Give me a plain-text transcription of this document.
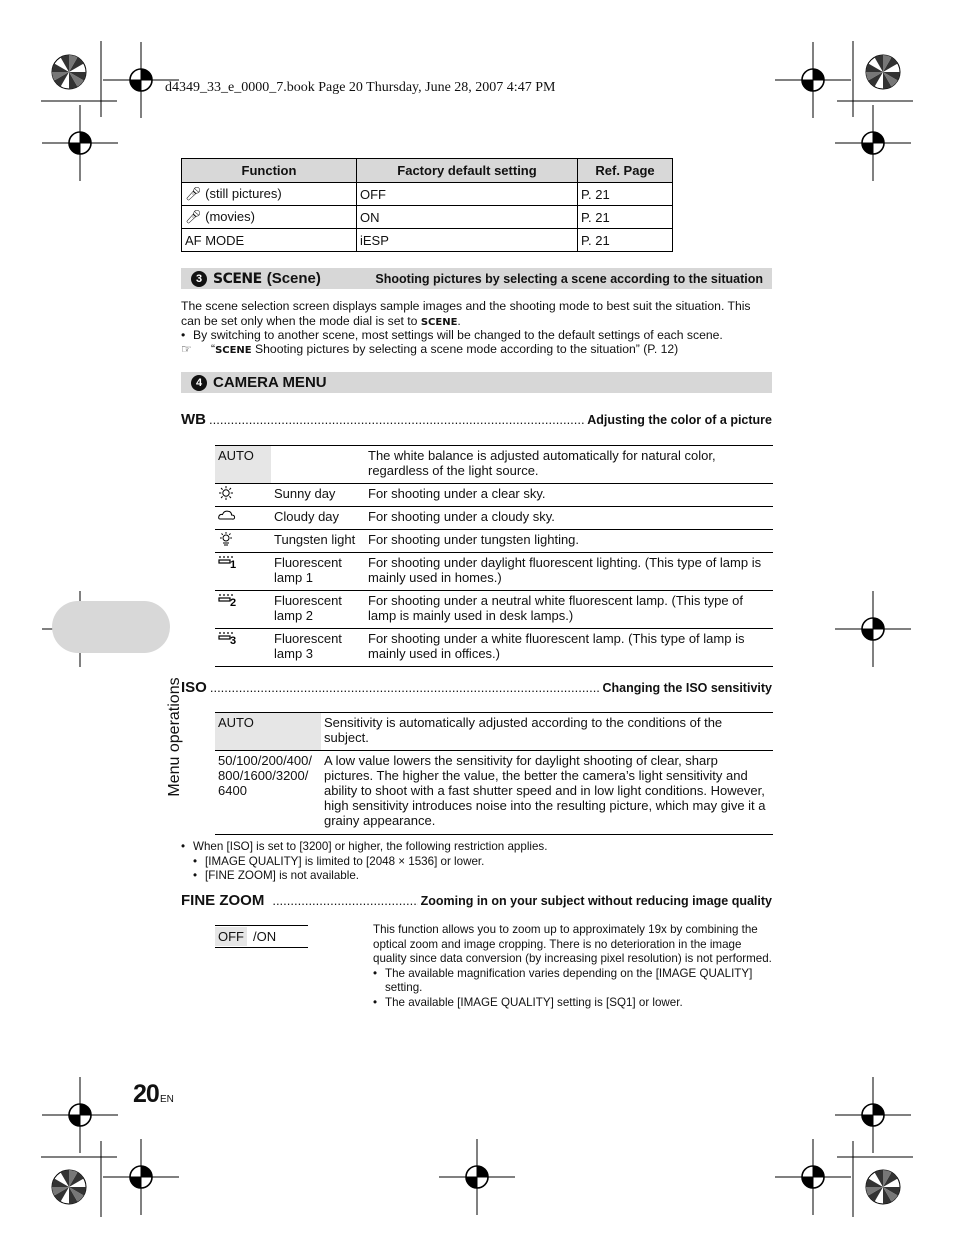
d4349_33_e_0000_7.book Page 20 Thursday, June 28, 2007 4:47 PM
Menu operations
Function	Factory default setting	Ref. Page
🎤︎ (still pictures)	OFF	P. 21
🎤︎ (movies)	ON	P. 21
AF MODE	iESP	P. 21
3 SCENE (Scene)	Shooting pictures by selecting a scene according to the situation
The scene selection screen displays sample images and the shooting mode to best suit the situation. This can be set only when the mode dial is set to SCENE.
• By switching to another scene, most settings will be changed to the default settings of each scene.
☞ “SCENE Shooting pictures by selecting a scene mode according to the situation” (P. 12)
4 CAMERA MENU
WB .....	Adjusting the color of a picture
AUTO		The white balance is adjusted automatically for natural color, regardless of the light source.
	Sunny day	For shooting under a clear sky.
	Cloudy day	For shooting under a cloudy sky.
	Tungsten light	For shooting under tungsten lighting.

1	Fluorescent lamp 1	For shooting under daylight fluorescent lighting. (This type of lamp is mainly used in homes.)

2	Fluorescent lamp 2	For shooting under a neutral white fluorescent lamp. (This type of lamp is mainly used in desk lamps.)

3	Fluorescent lamp 3	For shooting under a white fluorescent lamp. (This type of lamp is mainly used in offices.)
ISO .....	Changing the ISO sensitivity
AUTO	Sensitivity is automatically adjusted according to the conditions of the subject.
50/100/200/400/ 800/1600/3200/ 6400	A low value lowers the sensitivity for daylight shooting of clear, sharp pictures. The higher the value, the better the camera’s light sensitivity and ability to shoot with a fast shutter speed and in low light conditions. However, high sensitivity introduces noise into the resulting picture, which may give it a grainy appearance.
• When [ISO] is set to [3200] or higher, the following restriction applies.
• [IMAGE QUALITY] is limited to [2048 × 1536] or lower.
• [FINE ZOOM] is not available.
FINE ZOOM .....	Zooming in on your subject without reducing image quality
OFF /ON	This function allows you to zoom up to approximately 19x by combining the optical zoom and image cropping. There is no deterioration in the image quality since data conversion (by increasing pixel resolution) is not performed.
• The available magnification varies depending on the [IMAGE QUALITY] setting.
• The available [IMAGE QUALITY] setting is [SQ1] or lower.
20 EN
